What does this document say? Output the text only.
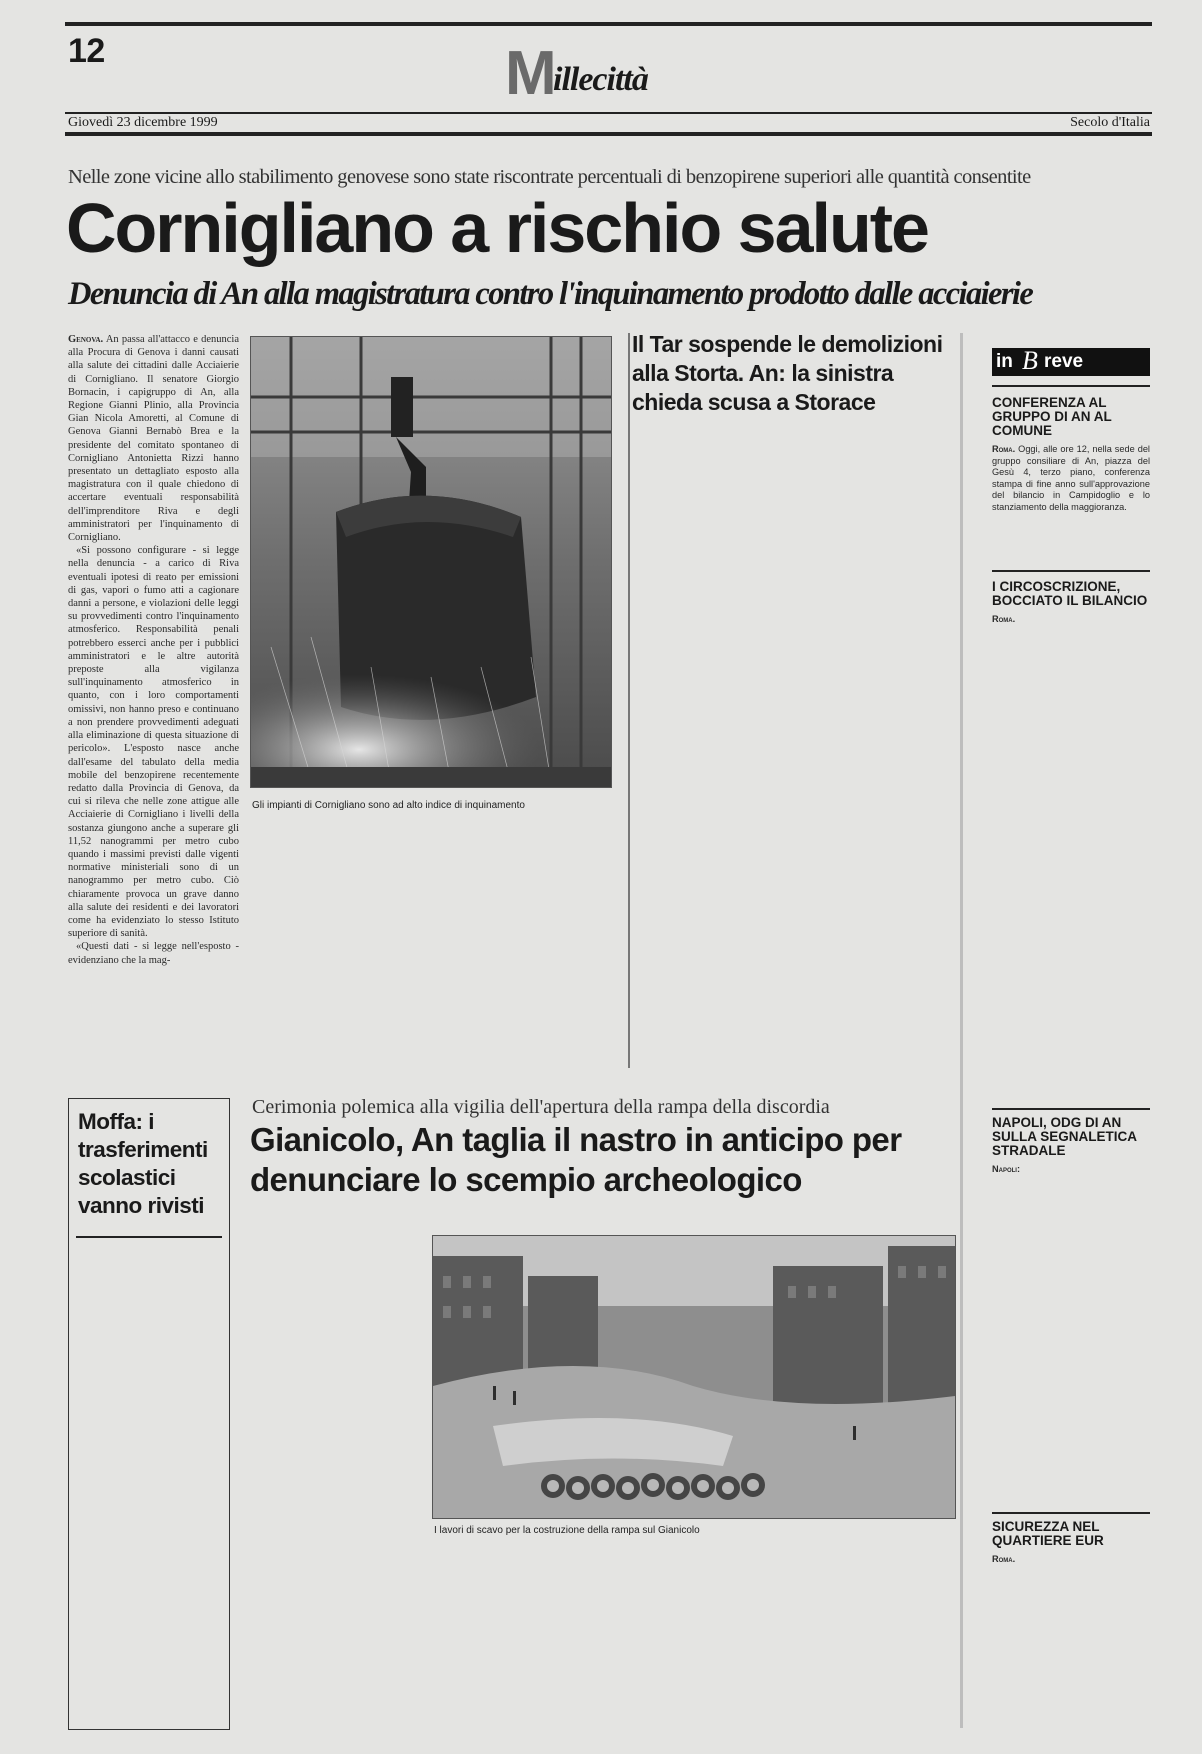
12	M
illecittà
Giovedì 23 dicembre 1999	Secolo d'Italia
Nelle zone vicine allo stabilimento genovese sono state riscontrate percentuali di benzopirene superiori alle quantità consentite
Cornigliano a rischio salute
Denuncia di An alla magistratura contro l'inquinamento prodotto dalle acciaierie

Genova. An passa all'attacco e denuncia alla Procura di Genova i danni causati alla salute dei cittadini dalle Acciaierie di Cornigliano. Il senatore Giorgio Bornacin, i capigruppo di An, alla Regione Gianni Plinio, alla Provincia Gian Nicola Amoretti, al Comune di Genova Gianni Bernabò Brea e la presidente del comitato spontaneo di Cornigliano Antonietta Rizzi hanno presentato un dettagliato esposto alla magistratura con il quale chiedono di accertare eventuali responsabilità dell'imprenditore Riva e degli amministratori per l'inquinamento di Cornigliano.

«Si possono configurare - si legge nella denuncia - a carico di Riva eventuali ipotesi di reato per emissioni di gas, vapori o fumo atti a cagionare danni a persone, e violazioni delle leggi su provvedimenti contro l'inquinamento atmosferico. Responsabilità penali potrebbero esserci anche per i pubblici amministratori e le altre autorità preposte alla vigilanza sull'inquinamento atmosferico in quanto, con i loro comportamenti omissivi, non hanno preso e continuano a non prendere provvedimenti adeguati alla eliminazione di questa situazione di pericolo». L'esposto nasce anche dall'esame del tabulato della media mobile del benzopirene recentemente redatto dalla Provincia di Genova, da cui si rileva che nelle zone attigue alle Acciaierie di Cornigliano i livelli della sostanza giungono anche a superare gli 11,52 nanogrammi per metro cubo quando i massimi previsti dalle vigenti normative ministeriali sono di un nanogrammo per metro cubo. Ciò chiaramente provoca un grave danno alla salute dei residenti e dei lavoratori come ha evidenziato lo stesso Istituto superiore di sanità.

«Questi dati - si legge nell'esposto - evidenziano che la mag-

Gli impianti di Cornigliano sono ad alto indice di inquinamento
Il Tar sospende le demolizioni alla Storta. An: la sinistra chieda scusa a Storace
in B reve

CONFERENZA AL GRUPPO DI AN AL COMUNE

Roma. Oggi, alle ore 12, nella sede del gruppo consiliare di An, piazza del Gesù 4, terzo piano, conferenza stampa di fine anno sull'approvazione del bilancio in Campidoglio e lo stanziamento della maggioranza.

I CIRCOSCRIZIONE, BOCCIATO IL BILANCIO

Roma.

NAPOLI, ODG DI AN SULLA SEGNALETICA STRADALE

Napoli:

SICUREZZA NEL QUARTIERE EUR

Roma.

Moffa: i trasferimenti scolastici vanno rivisti
Cerimonia polemica alla vigilia dell'apertura della rampa della discordia
Gianicolo, An taglia il nastro in anticipo per denunciare lo scempio archeologico
I lavori di scavo per la costruzione della rampa sul Gianicolo
